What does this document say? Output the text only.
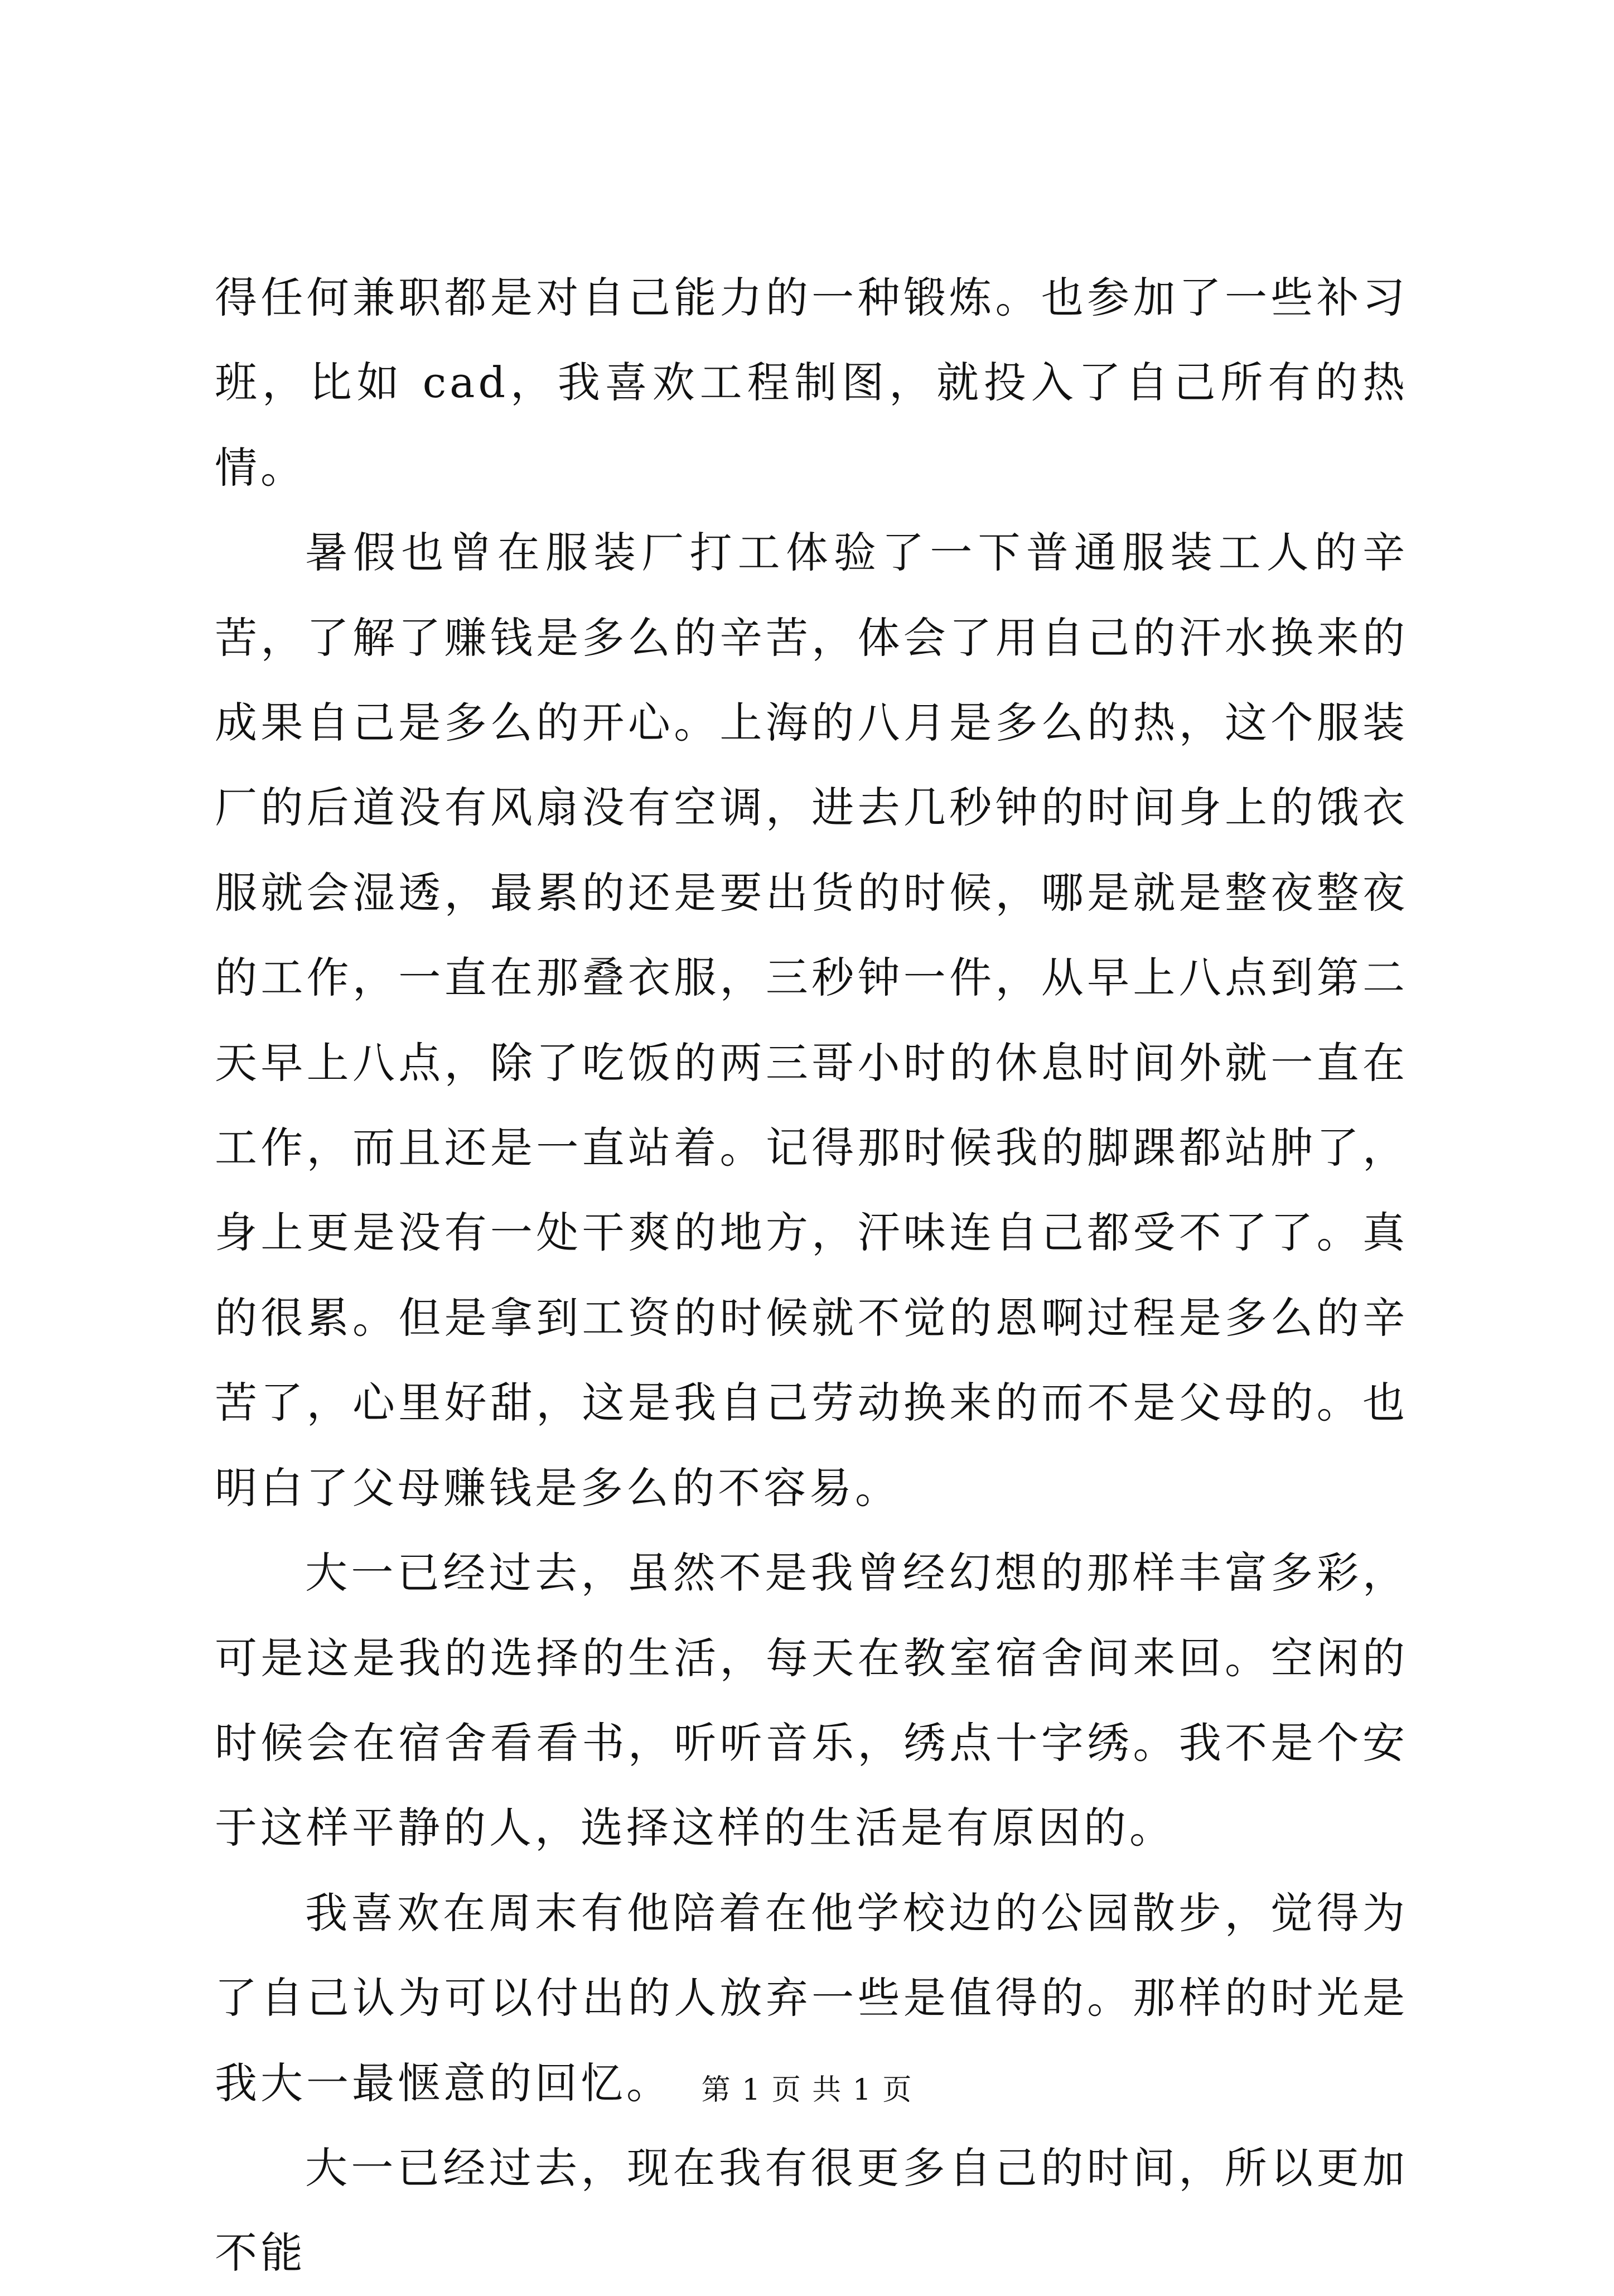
得任何兼职都是对自己能力的一种锻炼。也参加了一些补习班，比如 cad，我喜欢工程制图，就投入了自己所有的热情。

暑假也曾在服装厂打工体验了一下普通服装工人的辛苦，了解了赚钱是多么的辛苦，体会了用自己的汗水换来的成果自己是多么的开心。上海的八月是多么的热，这个服装厂的后道没有风扇没有空调，进去几秒钟的时间身上的饿衣服就会湿透，最累的还是要出货的时候，哪是就是整夜整夜的工作，一直在那叠衣服，三秒钟一件，从早上八点到第二天早上八点，除了吃饭的两三哥小时的休息时间外就一直在工作，而且还是一直站着。记得那时候我的脚踝都站肿了，身上更是没有一处干爽的地方，汗味连自己都受不了了。真的很累。但是拿到工资的时候就不觉的恩啊过程是多么的辛苦了，心里好甜，这是我自己劳动换来的而不是父母的。也明白了父母赚钱是多么的不容易。

大一已经过去，虽然不是我曾经幻想的那样丰富多彩，可是这是我的选择的生活，每天在教室宿舍间来回。空闲的时候会在宿舍看看书，听听音乐，绣点十字绣。我不是个安于这样平静的人，选择这样的生活是有原因的。

我喜欢在周末有他陪着在他学校边的公园散步，觉得为了自己认为可以付出的人放弃一些是值得的。那样的时光是我大一最惬意的回忆。

大一已经过去，现在我有很更多自己的时间，所以更加不能

第 1 页 共 1 页
